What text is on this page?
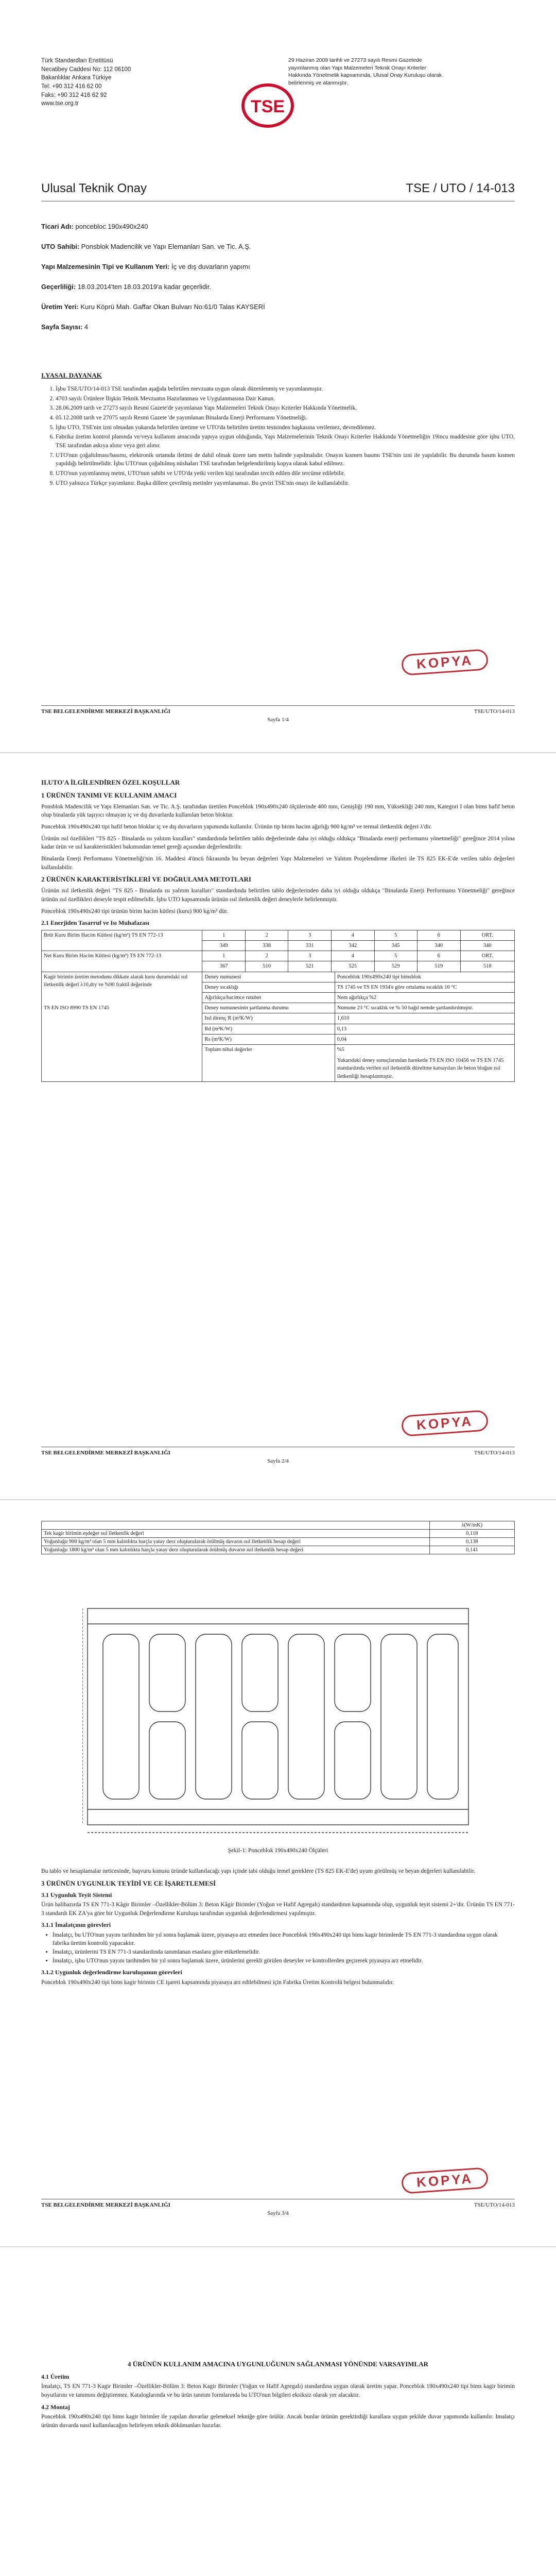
Türk Standardları Enstitüsü
Necatibey Caddesi No: 112 06100
Bakanlıklar Ankara Türkiye
Tel: +90 312 416 62 00
Faks: +90 312 416 62 92
www.tse.org.tr
29 Haziran 2009 tarihli ve 27273 sayılı Resmi Gazetede yayımlanmış olan Yapı Malzemeleri Teknik Onayı Kriterler Hakkında Yönetmelik kapsamında, Ulusal Onay Kuruluşu olarak belirlenmiş ve atanmıştır.
TSE
Ulusal Teknik Onay	TSE / UTO / 14-013
Ticari Adı: poncebloc 190x490x240
UTO Sahibi: Ponsblok Madencilik ve Yapı Elemanları San. ve Tic. A.Ş.
Yapı Malzemesinin Tipi ve Kullanım Yeri: İç ve dış duvarların yapımı
Geçerliliği: 18.03.2014'ten 18.03.2019'a kadar geçerlidir.
Üretim Yeri: Kuru Köprü Mah. Gaffar Okan Bulvarı No:61/0 Talas KAYSERİ
Sayfa Sayısı: 4
I.YASAL DAYANAK
1. İşbu TSE/UTO/14-013 TSE tarafından aşağıda belirtilen mevzuata uygun olarak düzenlenmiş ve yayımlanmıştır.
2. 4703 sayılı Ürünlere İlişkin Teknik Mevzuatın Hazırlanması ve Uygulanmasına Dair Kanun.
3. 28.06.2009 tarih ve 27273 sayılı Resmi Gazete'de yayımlanan Yapı Malzemeleri Teknik Onayı Kriterler Hakkında Yönetmelik.
4. 05.12.2008 tarih ve 27075 sayılı Resmi Gazete 'de yayımlanan Binalarda Enerji Performansı Yönetmeliği.
5. İşbu UTO, TSE'nin izni olmadan yukarıda belirtilen üretime ve UTO'da belirtilen üretim tesisinden başkasına verilemez, devredilemez.
6. Fabrika üretim kontrol planında ve/veya kullanım amacında yapıya uygun olduğunda, Yapı Malzemelerinin Teknik Onayı Kriterler Hakkında Yönetmeliğin 19incu maddesine göre işbu UTO, TSE tarafından askıya alınır veya geri alınır.
7. UTO'nun çoğaltılması/basımı, elektronik ortamda iletimi de dahil olmak üzere tam metin halinde yapılmalıdır. Onayın kısmen basımı TSE'nin izni ile yapılabilir. Bu durumda basım kısmen yapıldığı belirtilmelidir. İşbu UTO'nun çoğaltılmış nüshaları TSE tarafından belgelendirilmiş kopya olarak kabul edilmez.
8. UTO'nun yayımlanmış metni, UTO'nun sahibi ve UTO'da yetki verilen kişi tarafından tercih edilen dile tercüme edilebilir.
9. UTO yalnızca Türkçe yayımlanır. Başka dillere çevrilmiş metinler yayımlanamaz. Bu çeviri TSE'nin onayı ile kullanılabilir.
KOPYA
TSE BELGELENDİRME MERKEZİ BAŞKANLIĞI
Sayfa 1/4
TSE/UTO/14-013
II.UTO'A İLGİLENDİREN ÖZEL KOŞULLAR
1 ÜRÜNÜN TANIMI VE KULLANIM AMACI

Ponsblok Madencilik ve Yapı Elemanları San. ve Tic. A.Ş. tarafından üretilen Ponceblok 190x490x240 ölçülerinde 400 mm, Genişliği 190 mm, Yüksekliği 240 mm, Kategori I olan bims hafif beton olup binalarda yük taşıyıcı olmayan iç ve dış duvarlarda kullanılan beton bloktur.

Ponceblok 190x490x240 tipi hafif beton bloklar iç ve dış duvarların yapımında kullanılır. Ürünün tip birim hacim ağırlığı 900 kg/m³ ve termal iletkenlik değeri λ'dir.

Ürünün ısıl özellikleri "TS 825 - Binalarda ısı yalıtım kuralları" standardında belirtilen tablo değerlerinde daha iyi olduğu oldukça "Binalarda enerji performansı yönetmeliği" gereğince 2014 yılına kadar ürün ve ısıl karakteristikleri bakımından temel gereği açısından değerlendirilir.

Binalarda Enerji Performansı Yönetmeliği'nin 16. Maddesi 4'üncü fıkrasında bu beyan değerleri Yapı Malzemeleri ve Yalıtım Projelendirme ilkeleri ile TS 825 EK-E'de verilen tablo değerleri kullanılabilir.

2 ÜRÜNÜN KARAKTERİSTİKLERİ VE DOĞRULAMA METOTLARI

Ürünün ısıl iletkenlik değeri "TS 825 - Binalarda ısı yalıtım kuralları" standardında belirtilen tablo değerlerinden daha iyi olduğu oldukça "Binalarda Enerji Performansı Yönetmeliği" gereğince ürünün ısıl özellikleri deneyle tespit edilmelidir. İşbu UTO kapsamında ürünün ısıl iletkenlik değeri deneylerle belirlenmiştir.

Ponceblok 190x490x240 tipi ürünün birim hacim kütlesi (kuru) 900 kg/m³ dür.

2.1 Enerjiden Tasarruf ve Isı Muhafazası
Brüt Kuru Birim Hacim Kütlesi (kg/m³) TS EN 772-13	1	2	3	4	5	6	ORT.
	349	338	331	342	345	340	340
Net Kuru Birim Hacim Kütlesi (kg/m³) TS EN 772-13	1	2	3	4	5	6	ORT.
	367	510	521	525	529	519	518
Kagir birimin üretim metodunu dikkate alarak kuru durumdaki ısıl iletkenlik değeri λ10,dry ve %90 fraktil değerinde
TS EN ISO 8990 TS EN 1745	Deney numunesi	Ponceblok 190x490x240 tipi bimsblok
	Deney sıcaklığı	TS 1745 ve TS EN 1934'e göre ortalama sıcaklık 10 °C
	Ağırlıkça/hacimce rutubet	Nem ağırlıkça %2
	Deney numunesinin şartlanma durumu	Numune 23 °C sıcaklık ve % 50 bağıl nemde şartlandırılmıştır.
	Isıl direnç R (m²K/W)	1,610
	Rd (m²K/W)	0,13
	Rs (m²K/W)	0,04
	Toplam nihai değerler	%5
Yukarıdaki deney sonuçlarından hareketle TS EN ISO 10456 ve TS EN 1745 standardında verilen ısıl iletkenlik düzeltme katsayıları ile beton bloğun ısıl iletkenliği hesaplanmıştır.
KOPYA
TSE BELGELENDİRME MERKEZİ BAŞKANLIĞI
Sayfa 2/4
TSE/UTO/14-013
	λ(W/mK)
Tek kagir birimin eşdeğer ısıl iletkenlik değeri	0,118
Yoğunluğu 900 kg/m³ olan 5 mm kalınlıkta harçla yatay derz oluşturularak örülmüş duvarın ısıl iletkenlik hesap değeri	0,138
Yoğunluğu 1800 kg/m³ olan 5 mm kalınlıkta harçla yatay derz oluşturularak örülmüş duvarın ısıl iletkenlik hesap değeri	0,141
Şekil-1: Ponceblok 190x490x240 Ölçüleri

Bu tablo ve hesaplamalar neticesinde, başvuru konusu üründe kullanılacağı yapı içinde tabi olduğu temel gereklere (TS 825 EK-E'de) uyum görülmüş ve beyan değerleri kullanılabilir.

3 ÜRÜNÜN UYGUNLUK TEYİDİ VE CE İŞARETLEMESİ
3.1 Uygunluk Teyit Sistemi

Ürün halihazırda TS EN 771-3 Kâgir Birimler –Özellikler-Bölüm 3: Beton Kâgir Birimler (Yoğun ve Hafif Agregalı) standardının kapsamında olup, uygunluk teyit sistemi 2+'dir. Ürünün TS EN 771-3 standardı EK ZA'ya göre bir Uygunluk Değerlendirme Kuruluşu tarafından uygunluk değerlendirmesi yapılmıştır.

3.1.1 İmalatçının görevleri
• İmalatçı, bu UTO'nun yayını tarihinden bir yıl sonra başlamak üzere, piyasaya arz etmeden önce Ponceblok 190x490x240 tipi bims kagir birimlerde TS EN 771-3 standardına uygun olarak fabrika üretim kontrolü yapacaktır.
• İmalatçı, ürünlerini TS EN 771-3 standardında tanımlanan esaslara göre etiketlemelidir.
• İmalatçı, işbu UTO'nun yayını tarihinden bir yıl sonra başlamak üzere, ürünlerini gerekli görülen deneyler ve kontrollerden geçirerek piyasaya arz etmelidir.
3.1.2 Uygunluk değerlendirme kuruluşunun görevleri

Ponceblok 190x490x240 tipi bims kagir birimin CE işareti kapsamında piyasaya arz edilebilmesi için Fabrika Üretim Kontrolü belgesi bulunmalıdır.

KOPYA
TSE BELGELENDİRME MERKEZİ BAŞKANLIĞI
Sayfa 3/4
TSE/UTO/14-013
4 ÜRÜNÜN KULLANIM AMACINA UYGUNLUĞUNUN SAĞLANMASI YÖNÜNDE VARSAYIMLAR
4.1 Üretim

İmalatçı, TS EN 771-3 Kagir Birimler –Özellikler-Bölüm 3: Beton Kagir Birimler (Yoğun ve Hafif Agregalı) standardına uygun olarak üretim yapar. Ponceblok 190x490x240 tipi bims kagir birimin boyutlarını ve tanımını değiştiremez. Kataloglarında ve bu ürün tanıtım formlarında bu UTO'nun bilgileri eksiksiz olarak yer alacaktır.

4.2 Montaj

Ponceblok 190x490x240 tipi bims kagir birimler ile yapılan duvarlar geleneksel tekniğe göre örülür. Ancak bunlar ürünün gerektirdiği kurallara uygun şekilde duvar yapımında kullanılır. Imalatçı ürünün duvarda nasıl kullanılacağını belirleyen teknik dökümanları hazırlar.
